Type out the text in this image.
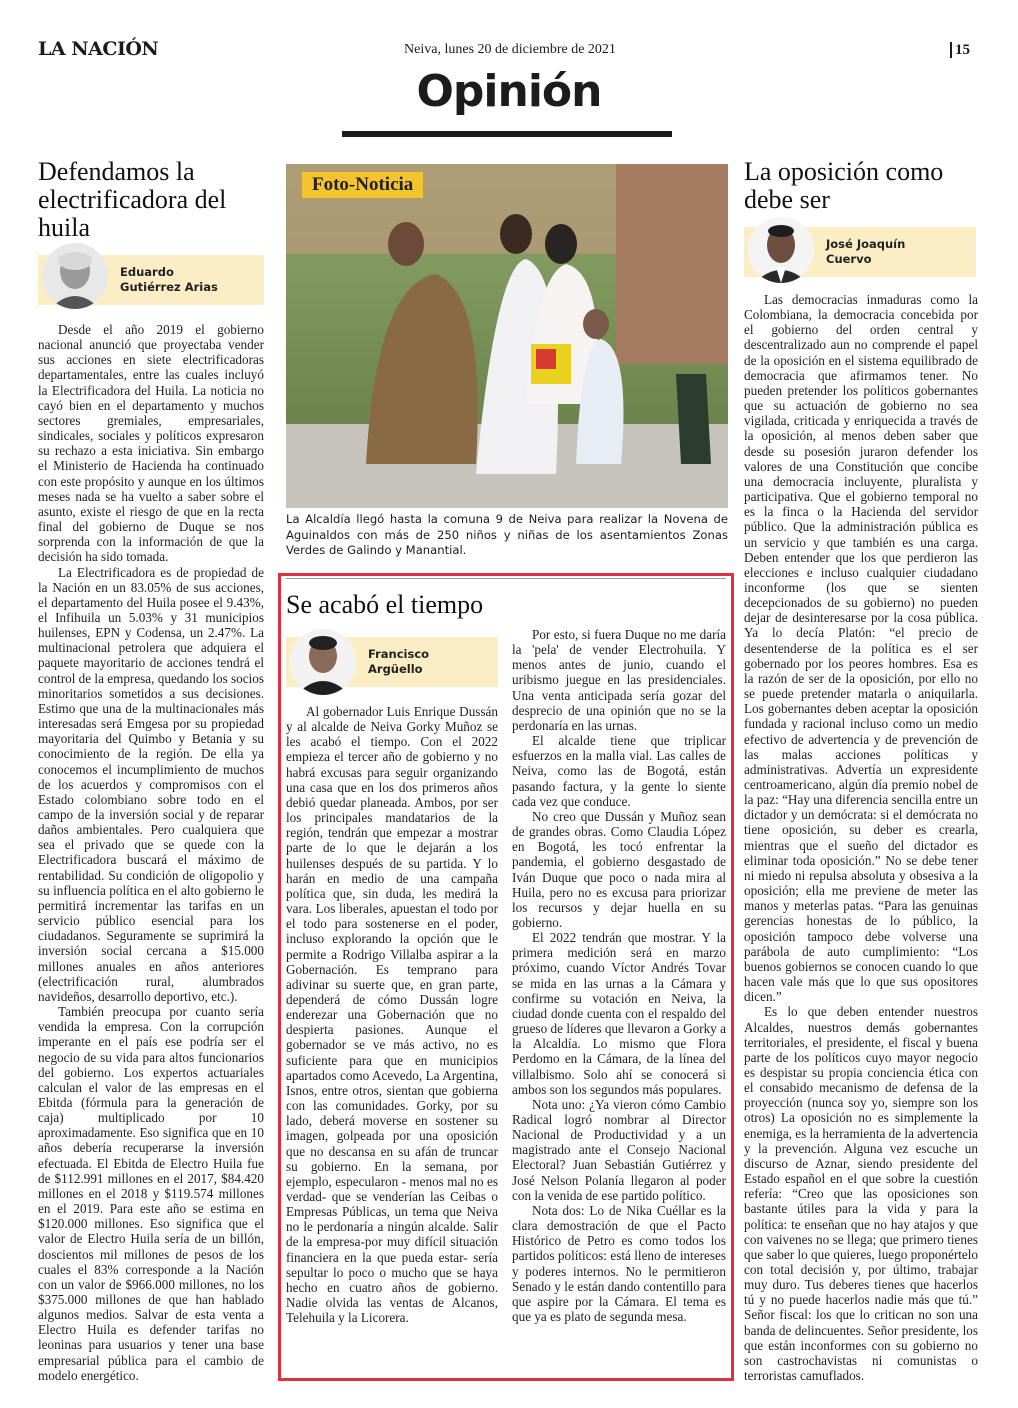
LA NACIÓN	Neiva, lunes 20 de diciembre de 2021	15
Opinión
Defendamos la electrificadora del huila
Eduardo
Gutiérrez Arias

Desde el año 2019 el gobierno nacional anunció que proyectaba vender sus acciones en siete electrificadoras departamentales, entre las cuales incluyó la Electrificadora del Huila. La noticia no cayó bien en el departamento y muchos sectores gremiales, empresariales, sindicales, sociales y políticos expresaron su rechazo a esta iniciativa. Sin embargo el Ministerio de Hacienda ha continuado con este propósito y aunque en los últimos meses nada se ha vuelto a saber sobre el asunto, existe el riesgo de que en la recta final del gobierno de Duque se nos sorprenda con la información de que la decisión ha sido tomada.

La Electrificadora es de propiedad de la Nación en un 83.05% de sus acciones, el departamento del Huila posee el 9.43%, el Infihuila un 5.03% y 31 municipios huilenses, EPN y Codensa, un 2.47%. La multinacional petrolera que adquiera el paquete mayoritario de acciones tendrá el control de la empresa, quedando los socios minoritarios sometidos a sus decisiones. Estimo que una de la multinacionales más interesadas será Emgesa por su propiedad mayoritaria del Quimbo y Betania y su conocimiento de la región. De ella ya conocemos el incumplimiento de muchos de los acuerdos y compromisos con el Estado colombiano sobre todo en el campo de la inversión social y de reparar daños ambientales. Pero cualquiera que sea el privado que se quede con la Electrificadora buscará el máximo de rentabilidad. Su condición de oligopolio y su influencia política en el alto gobierno le permitirá incrementar las tarifas en un servicio público esencial para los ciudadanos. Seguramente se suprimirá la inversión social cercana a $15.000 millones anuales en años anteriores (electrificación rural, alumbrados navideños, desarrollo deportivo, etc.).

También preocupa por cuanto sería vendida la empresa. Con la corrupción imperante en el país ese podría ser el negocio de su vida para altos funcionarios del gobierno. Los expertos actuariales calculan el valor de las empresas en el Ebitda (fórmula para la generación de caja) multiplicado por 10 aproximadamente. Eso significa que en 10 años debería recuperarse la inversión efectuada. El Ebitda de Electro Huila fue de $112.991 millones en el 2017, $84.420 millones en el 2018 y $119.574 millones en el 2019. Para este año se estima en $120.000 millones. Eso significa que el valor de Electro Huila sería de un billón, doscientos mil millones de pesos de los cuales el 83% corresponde a la Nación con un valor de $966.000 millones, no los $375.000 millones de que han hablado algunos medios. Salvar de esta venta a Electro Huila es defender tarifas no leoninas para usuarios y tener una base empresarial pública para el cambio de modelo energético.

Foto-Noticia
La Alcaldía llegó hasta la comuna 9 de Neiva para realizar la Novena de Aguinaldos con más de 250 niños y niñas de los asentamientos Zonas Verdes de Galindo y Manantial.
Se acabó el tiempo
Francisco
Argüello

Al gobernador Luis Enrique Dussán y al alcalde de Neiva Gorky Muñoz se les acabó el tiempo. Con el 2022 empieza el tercer año de gobierno y no habrá excusas para seguir organizando una casa que en los dos primeros años debió quedar planeada. Ambos, por ser los principales mandatarios de la región, tendrán que empezar a mostrar parte de lo que le dejarán a los huilenses después de su partida. Y lo harán en medio de una campaña política que, sin duda, les medirá la vara. Los liberales, apuestan el todo por el todo para sostenerse en el poder, incluso explorando la opción que le permite a Rodrigo Villalba aspirar a la Gobernación. Es temprano para adivinar su suerte que, en gran parte, dependerá de cómo Dussán logre enderezar una Gobernación que no despierta pasiones. Aunque el gobernador se ve más activo, no es suficiente para que en municipios apartados como Acevedo, La Argentina, Isnos, entre otros, sientan que gobierna con las comunidades. Gorky, por su lado, deberá moverse en sostener su imagen, golpeada por una oposición que no descansa en su afán de truncar su gobierno. En la semana, por ejemplo, especularon - menos mal no es verdad- que se venderían las Ceibas o Empresas Públicas, un tema que Neiva no le perdonaría a ningún alcalde. Salir de la empresa-por muy difícil situación financiera en la que pueda estar- sería sepultar lo poco o mucho que se haya hecho en cuatro años de gobierno. Nadie olvida las ventas de Alcanos, Telehuila y la Licorera.

Por esto, si fuera Duque no me daría la 'pela' de vender Electrohuila. Y menos antes de junio, cuando el uribismo juegue en las presidenciales. Una venta anticipada sería gozar del desprecio de una opinión que no se la perdonaría en las urnas.

El alcalde tiene que triplicar esfuerzos en la malla vial. Las calles de Neiva, como las de Bogotá, están pasando factura, y la gente lo siente cada vez que conduce.

No creo que Dussán y Muñoz sean de grandes obras. Como Claudia López en Bogotá, les tocó enfrentar la pandemia, el gobierno desgastado de Iván Duque que poco o nada mira al Huila, pero no es excusa para priorizar los recursos y dejar huella en su gobierno.

El 2022 tendrán que mostrar. Y la primera medición será en marzo próximo, cuando Víctor Andrés Tovar se mida en las urnas a la Cámara y confirme su votación en Neiva, la ciudad donde cuenta con el respaldo del grueso de líderes que llevaron a Gorky a la Alcaldía. Lo mismo que Flora Perdomo en la Cámara, de la línea del villalbismo. Solo ahí se conocerá si ambos son los segundos más populares.

Nota uno: ¿Ya vieron cómo Cambio Radical logró nombrar al Director Nacional de Productividad y a un magistrado ante el Consejo Nacional Electoral? Juan Sebastián Gutiérrez y José Nelson Polanía llegaron al poder con la venida de ese partido político.

Nota dos: Lo de Nika Cuéllar es la clara demostración de que el Pacto Histórico de Petro es como todos los partidos políticos: está lleno de intereses y poderes internos. No le permitieron Senado y le están dando contentillo para que aspire por la Cámara. El tema es que ya es plato de segunda mesa.

La oposición como debe ser
José Joaquín
Cuervo

Las democracias inmaduras como la Colombiana, la democracia concebida por el gobierno del orden central y descentralizado aun no comprende el papel de la oposición en el sistema equilibrado de democracia que afirmamos tener. No pueden pretender los políticos gobernantes que su actuación de gobierno no sea vigilada, criticada y enriquecida a través de la oposición, al menos deben saber que desde su posesión juraron defender los valores de una Constitución que concibe una democracia incluyente, pluralista y participativa. Que el gobierno temporal no es la finca o la Hacienda del servidor público. Que la administración pública es un servicio y que también es una carga. Deben entender que los que perdieron las elecciones e incluso cualquier ciudadano inconforme (los que se sienten decepcionados de su gobierno) no pueden dejar de desinteresarse por la cosa pública. Ya lo decía Platón: “el precio de desentenderse de la política es el ser gobernado por los peores hombres. Esa es la razón de ser de la oposición, por ello no se puede pretender matarla o aniquilarla. Los gobernantes deben aceptar la oposición fundada y racional incluso como un medio efectivo de advertencia y de prevención de las malas acciones políticas y administrativas. Advertía un expresidente centroamericano, algún día premio nobel de la paz: “Hay una diferencia sencilla entre un dictador y un demócrata: si el demócrata no tiene oposición, su deber es crearla, mientras que el sueño del dictador es eliminar toda oposición.” No se debe tener ni miedo ni repulsa absoluta y obsesiva a la oposición; ella me previene de meter las manos y meterlas patas. “Para las genuinas gerencias honestas de lo público, la oposición tampoco debe volverse una parábola de auto cumplimiento: “Los buenos gobiernos se conocen cuando lo que hacen vale más que lo que sus opositores dicen.”

Es lo que deben entender nuestros Alcaldes, nuestros demás gobernantes territoriales, el presidente, el fiscal y buena parte de los políticos cuyo mayor negocio es despistar su propia conciencia ética con el consabido mecanismo de defensa de la proyección (nunca soy yo, siempre son los otros) La oposición no es simplemente la enemiga, es la herramienta de la advertencia y la prevención. Alguna vez escuche un discurso de Aznar, siendo presidente del Estado español en el que sobre la cuestión refería: “Creo que las oposiciones son bastante útiles para la vida y para la política: te enseñan que no hay atajos y que con vaivenes no se llega; que primero tienes que saber lo que quieres, luego proponértelo con total decisión y, por último, trabajar muy duro. Tus deberes tienes que hacerlos tú y no puede hacerlos nadie más que tú.” Señor fiscal: los que lo critican no son una banda de delincuentes. Señor presidente, los que están inconformes con su gobierno no son castrochavistas ni comunistas o terroristas camuflados.
